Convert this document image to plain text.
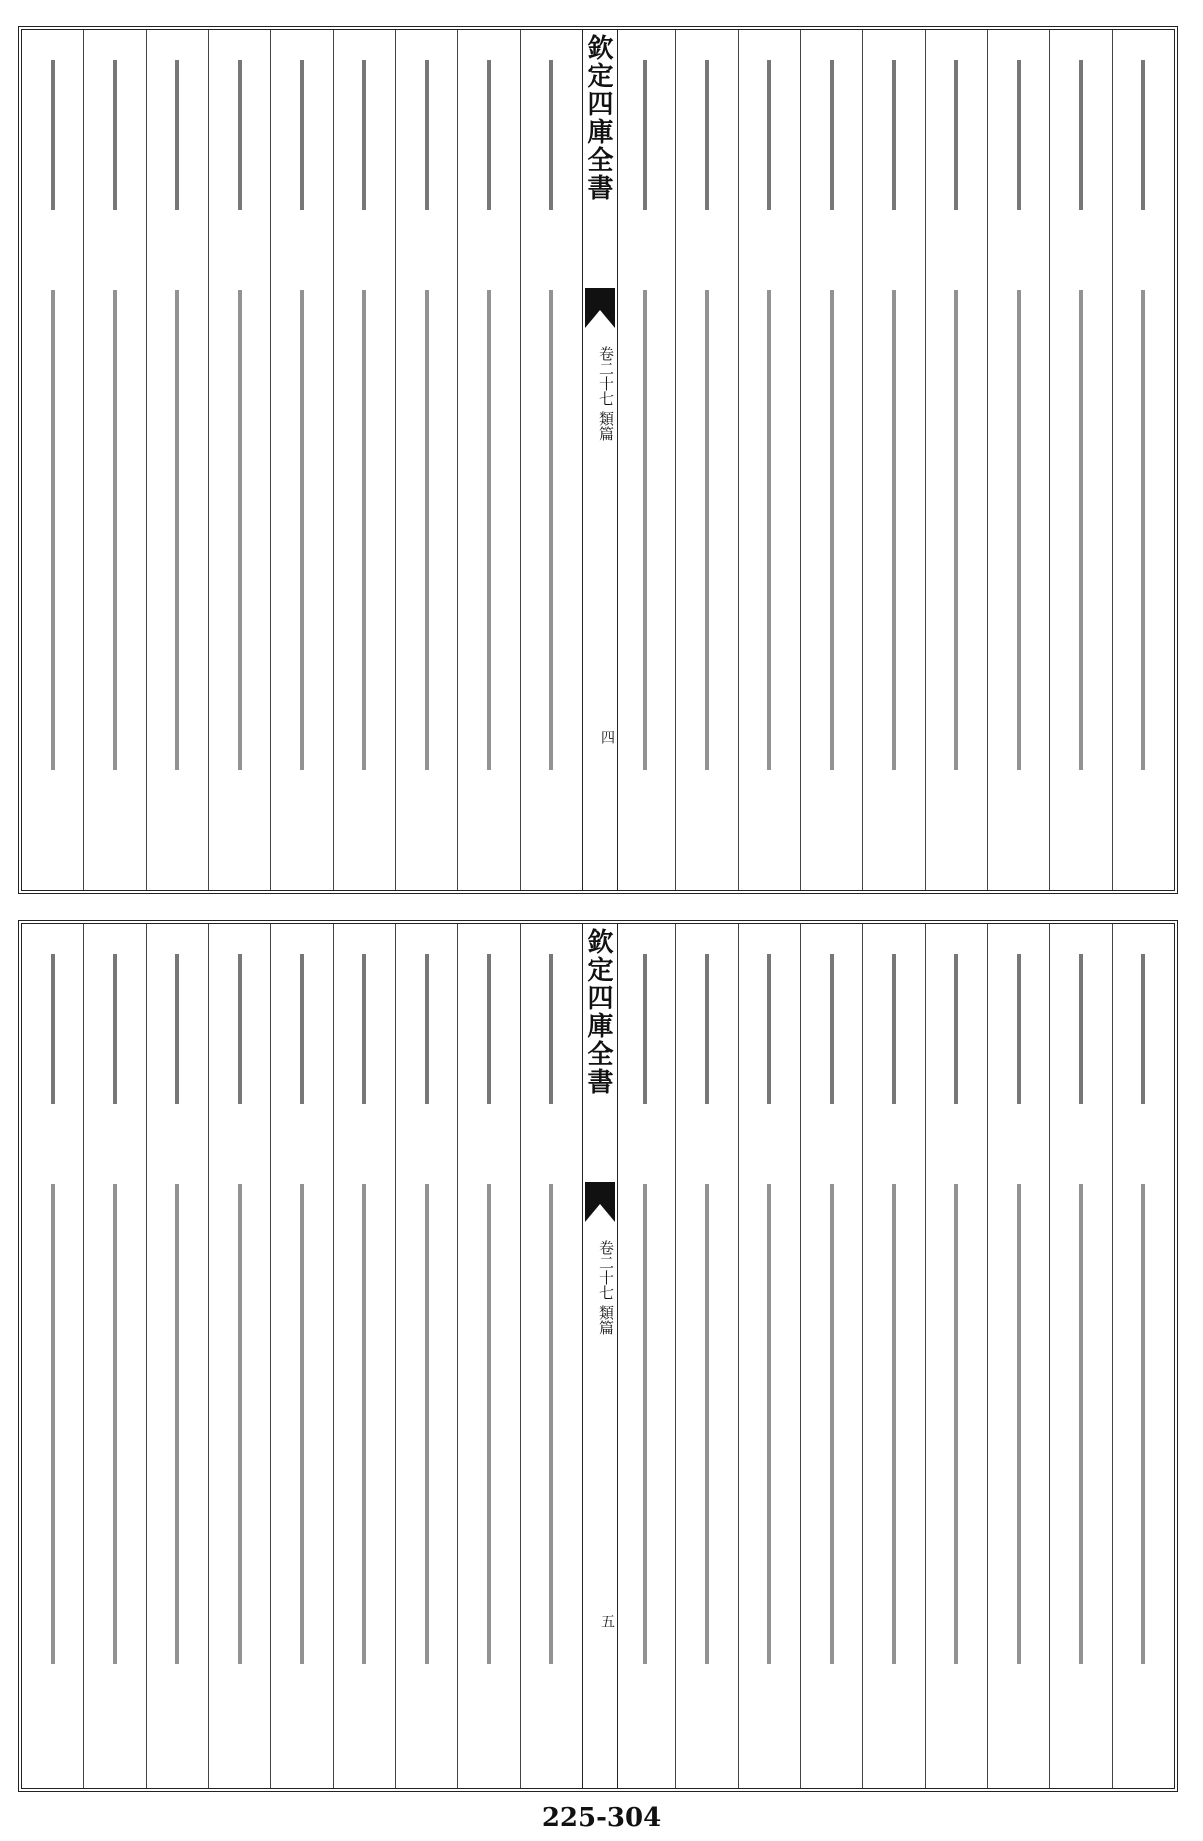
欽定四庫全書
卷二十七 類篇
四
欽定四庫全書
卷二十七 類篇
五
225-304
